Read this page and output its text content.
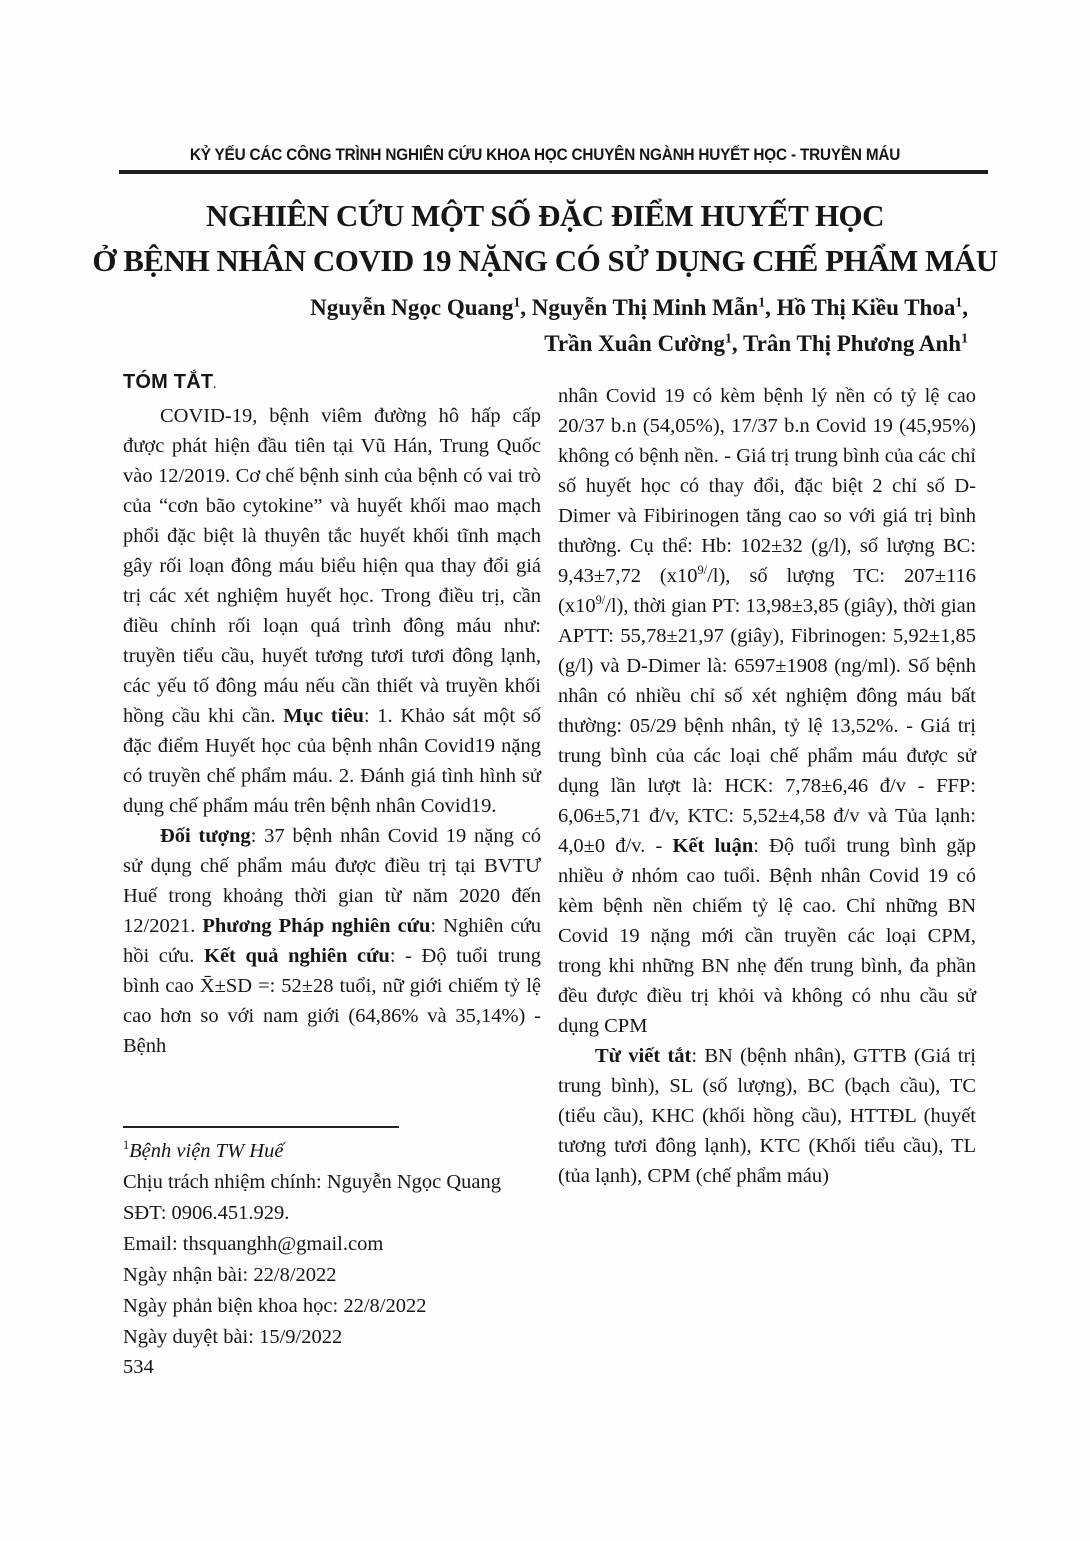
KỶ YẾU CÁC CÔNG TRÌNH NGHIÊN CỨU KHOA HỌC CHUYÊN NGÀNH HUYẾT HỌC - TRUYỀN MÁU
NGHIÊN CỨU MỘT SỐ ĐẶC ĐIỂM HUYẾT HỌC
Ở BỆNH NHÂN COVID 19 NẶNG CÓ SỬ DỤNG CHẾ PHẨM MÁU
Nguyễn Ngọc Quang$^1$, Nguyễn Thị Minh Mẫn$^1$, Hồ Thị Kiều Thoa$^1$,
Trần Xuân Cường$^1$, Trân Thị Phương Anh$^1$
TÓM TẮT.

COVID-19, bệnh viêm đường hô hấp cấp được phát hiện đầu tiên tại Vũ Hán, Trung Quốc vào 12/2019. Cơ chế bệnh sinh của bệnh có vai trò của “cơn bão cytokine” và huyết khối mao mạch phổi đặc biệt là thuyên tắc huyết khối tĩnh mạch gây rối loạn đông máu biểu hiện qua thay đổi giá trị các xét nghiệm huyết học. Trong điều trị, cần điều chỉnh rối loạn quá trình đông máu như: truyền tiểu cầu, huyết tương tươi tươi đông lạnh, các yếu tố đông máu nếu cần thiết và truyền khối hồng cầu khi cần. Mục tiêu: 1. Khảo sát một số đặc điểm Huyết học của bệnh nhân Covid19 nặng có truyền chế phẩm máu. 2. Đánh giá tình hình sử dụng chế phẩm máu trên bệnh nhân Covid19.

Đối tượng: 37 bệnh nhân Covid 19 nặng có sử dụng chế phẩm máu được điều trị tại BVTƯ Huế trong khoảng thời gian từ năm 2020 đến 12/2021. Phương Pháp nghiên cứu: Nghiên cứu hồi cứu. Kết quả nghiên cứu: - Độ tuổi trung bình cao X̄±SD =: 52±28 tuổi, nữ giới chiếm tỷ lệ cao hơn so với nam giới (64,86% và 35,14%) - Bệnh

nhân Covid 19 có kèm bệnh lý nền có tỷ lệ cao 20/37 b.n (54,05%), 17/37 b.n Covid 19 (45,95%) không có bệnh nền. - Giá trị trung bình của các chỉ số huyết học có thay đổi, đặc biệt 2 chỉ số D-Dimer và Fibirinogen tăng cao so với giá trị bình thường. Cụ thể: Hb: 102±32 (g/l), số lượng BC: 9,43±7,72 $(x10^{9/}/l)$, số lượng TC: 207±116 $(x10^{9/}/l)$, thời gian PT: 13,98±3,85 (giây), thời gian APTT: 55,78±21,97 (giây), Fibrinogen: 5,92±1,85 (g/l) và D-Dimer là: 6597±1908 (ng/ml). Số bệnh nhân có nhiều chỉ số xét nghiệm đông máu bất thường: 05/29 bệnh nhân, tỷ lệ 13,52%. - Giá trị trung bình của các loại chế phẩm máu được sử dụng lần lượt là: HCK: 7,78±6,46 đ/v - FFP: 6,06±5,71 đ/v, KTC: 5,52±4,58 đ/v và Tủa lạnh: 4,0±0 đ/v. - Kết luận: Độ tuổi trung bình gặp nhiều ở nhóm cao tuổi. Bệnh nhân Covid 19 có kèm bệnh nền chiếm tỷ lệ cao. Chỉ những BN Covid 19 nặng mới cần truyền các loại CPM, trong khi những BN nhẹ đến trung bình, đa phần đều được điều trị khỏi và không có nhu cầu sử dụng CPM

Từ viết tắt: BN (bệnh nhân), GTTB (Giá trị trung bình), SL (số lượng), BC (bạch cầu), TC (tiểu cầu), KHC (khối hồng cầu), HTTĐL (huyết tương tươi đông lạnh), KTC (Khối tiểu cầu), TL (tủa lạnh), CPM (chế phẩm máu)

$^1$Bệnh viện TW Huế
Chịu trách nhiệm chính: Nguyễn Ngọc Quang
SĐT: 0906.451.929.
Email: thsquanghh@gmail.com
Ngày nhận bài: 22/8/2022
Ngày phản biện khoa học: 22/8/2022
Ngày duyệt bài: 15/9/2022
534
